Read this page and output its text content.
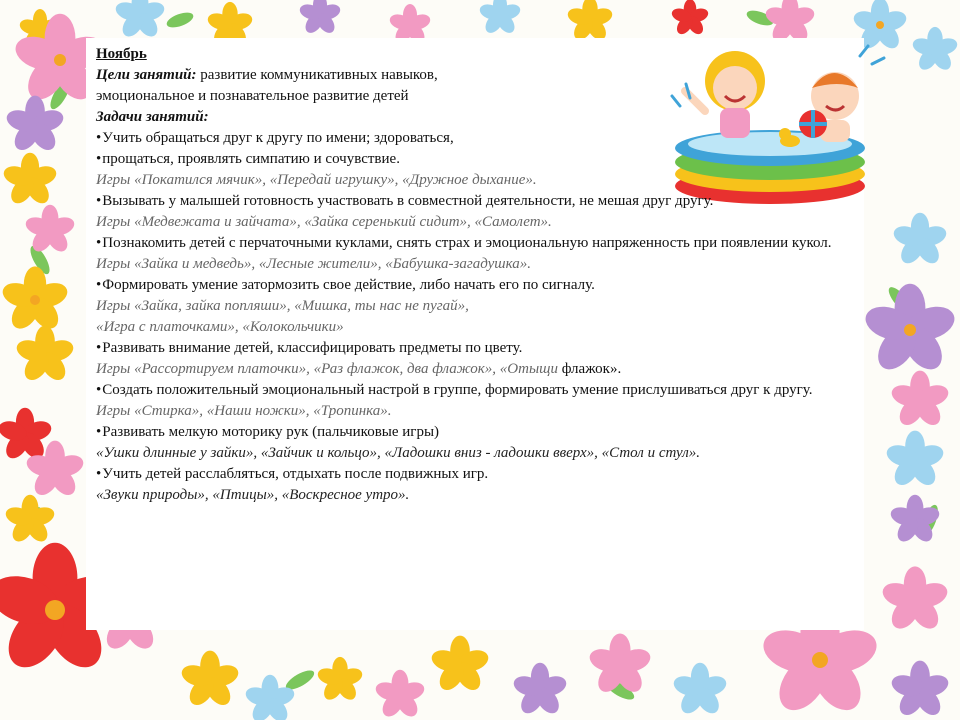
Ноябрь

Цели занятий: развитие коммуникативных навыков,

эмоциональное и познавательное развитие детей

Задачи занятий:

• Учить обращаться друг к другу по имени; здороваться,

• прощаться, проявлять симпатию и сочувствие.

Игры «Покатился мячик», «Передай игрушку», «Дружное дыхание».

• Вызывать у малышей готовность участвовать в совместной деятельности, не мешая друг другу.

Игры «Медвежата и зайчата», «Зайка серенький сидит», «Самолет».

• Познакомить детей с перчаточными куклами, снять страх и эмоциональную напряженность при появлении кукол.

Игры «Зайка и медведь», «Лесные жители», «Бабушка-загадушка».

• Формировать умение затормозить свое действие, либо начать его по сигналу.

Игры «Зайка, зайка попляши», «Мишка, ты нас не пугай»,

«Игра с платочками», «Колокольчики»

• Развивать внимание детей, классифицировать предметы по цвету.

Игры «Рассортируем платочки», «Раз флажок, два флажок», «Отыщи флажок».

• Создать положительный эмоциональный настрой в группе, формировать умение прислушиваться друг к другу.

Игры «Стирка», «Наши ножки», «Тропинка».

• Развивать мелкую моторику рук (пальчиковые игры)

«Ушки длинные у зайки», «Зайчик и кольцо», «Ладошки вниз - ладошки вверх», «Стол и стул».

• Учить детей расслабляться, отдыхать после подвижных игр.

«Звуки природы», «Птицы», «Воскресное утро».
